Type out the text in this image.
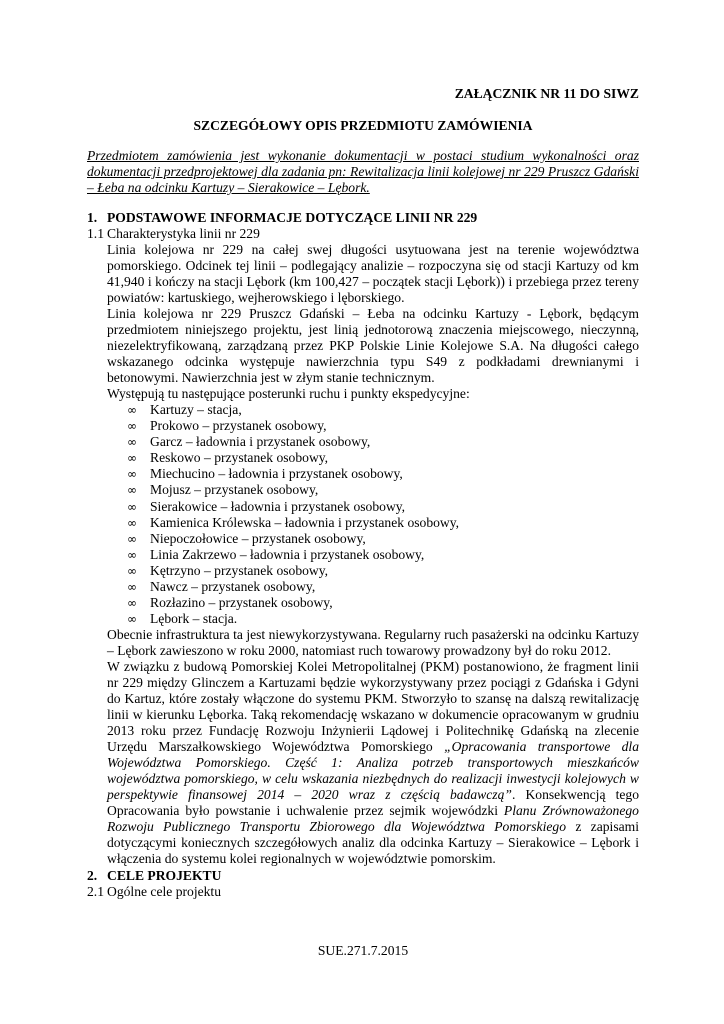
ZAŁĄCZNIK NR 11 DO SIWZ
SZCZEGÓŁOWY OPIS PRZEDMIOTU ZAMÓWIENIA
Przedmiotem zamówienia jest wykonanie dokumentacji w postaci studium wykonalności oraz dokumentacji przedprojektowej dla zadania pn: Rewitalizacja linii kolejowej nr 229 Pruszcz Gdański – Łeba na odcinku Kartuzy – Sierakowice – Lębork.
1. PODSTAWOWE INFORMACJE DOTYCZĄCE LINII NR 229
1.1 Charakterystyka linii nr 229

Linia kolejowa nr 229 na całej swej długości usytuowana jest na terenie województwa pomorskiego. Odcinek tej linii – podlegający analizie – rozpoczyna się od stacji Kartuzy od km 41,940 i kończy na stacji Lębork (km 100,427 – początek stacji Lębork)) i przebiega przez tereny powiatów: kartuskiego, wejherowskiego i lęborskiego.

Linia kolejowa nr 229 Pruszcz Gdański – Łeba na odcinku Kartuzy - Lębork, będącym przedmiotem niniejszego projektu, jest linią jednotorową znaczenia miejscowego, nieczynną, niezelektryfikowaną, zarządzaną przez PKP Polskie Linie Kolejowe S.A. Na długości całego wskazanego odcinka występuje nawierzchnia typu S49 z podkładami drewnianymi i betonowymi. Nawierzchnia jest w złym stanie technicznym.

Występują tu następujące posterunki ruchu i punkty ekspedycyjne:

∞ Kartuzy – stacja,
∞ Prokowo – przystanek osobowy,
∞ Garcz – ładownia i przystanek osobowy,
∞ Reskowo – przystanek osobowy,
∞ Miechucino – ładownia i przystanek osobowy,
∞ Mojusz – przystanek osobowy,
∞ Sierakowice – ładownia i przystanek osobowy,
∞ Kamienica Królewska – ładownia i przystanek osobowy,
∞ Niepoczołowice – przystanek osobowy,
∞ Linia Zakrzewo – ładownia i przystanek osobowy,
∞ Kętrzyno – przystanek osobowy,
∞ Nawcz – przystanek osobowy,
∞ Rozłazino – przystanek osobowy,
∞ Lębork – stacja.

Obecnie infrastruktura ta jest niewykorzystywana. Regularny ruch pasażerski na odcinku Kartuzy – Lębork zawieszono w roku 2000, natomiast ruch towarowy prowadzony był do roku 2012.

W związku z budową Pomorskiej Kolei Metropolitalnej (PKM) postanowiono, że fragment linii nr 229 między Glinczem a Kartuzami będzie wykorzystywany przez pociągi z Gdańska i Gdyni do Kartuz, które zostały włączone do systemu PKM. Stworzyło to szansę na dalszą rewitalizację linii w kierunku Lęborka. Taką rekomendację wskazano w dokumencie opracowanym w grudniu 2013 roku przez Fundację Rozwoju Inżynierii Lądowej i Politechnikę Gdańską na zlecenie Urzędu Marszałkowskiego Województwa Pomorskiego „Opracowania transportowe dla Województwa Pomorskiego. Część 1: Analiza potrzeb transportowych mieszkańców województwa pomorskiego, w celu wskazania niezbędnych do realizacji inwestycji kolejowych w perspektywie finansowej 2014 – 2020 wraz z częścią badawczą”. Konsekwencją tego Opracowania było powstanie i uchwalenie przez sejmik wojewódzki Planu Zrównoważonego Rozwoju Publicznego Transportu Zbiorowego dla Województwa Pomorskiego z zapisami dotyczącymi koniecznych szczegółowych analiz dla odcinka Kartuzy – Sierakowice – Lębork i włączenia do systemu kolei regionalnych w województwie pomorskim.

2. CELE PROJEKTU
2.1 Ogólne cele projektu
SUE.271.7.2015
